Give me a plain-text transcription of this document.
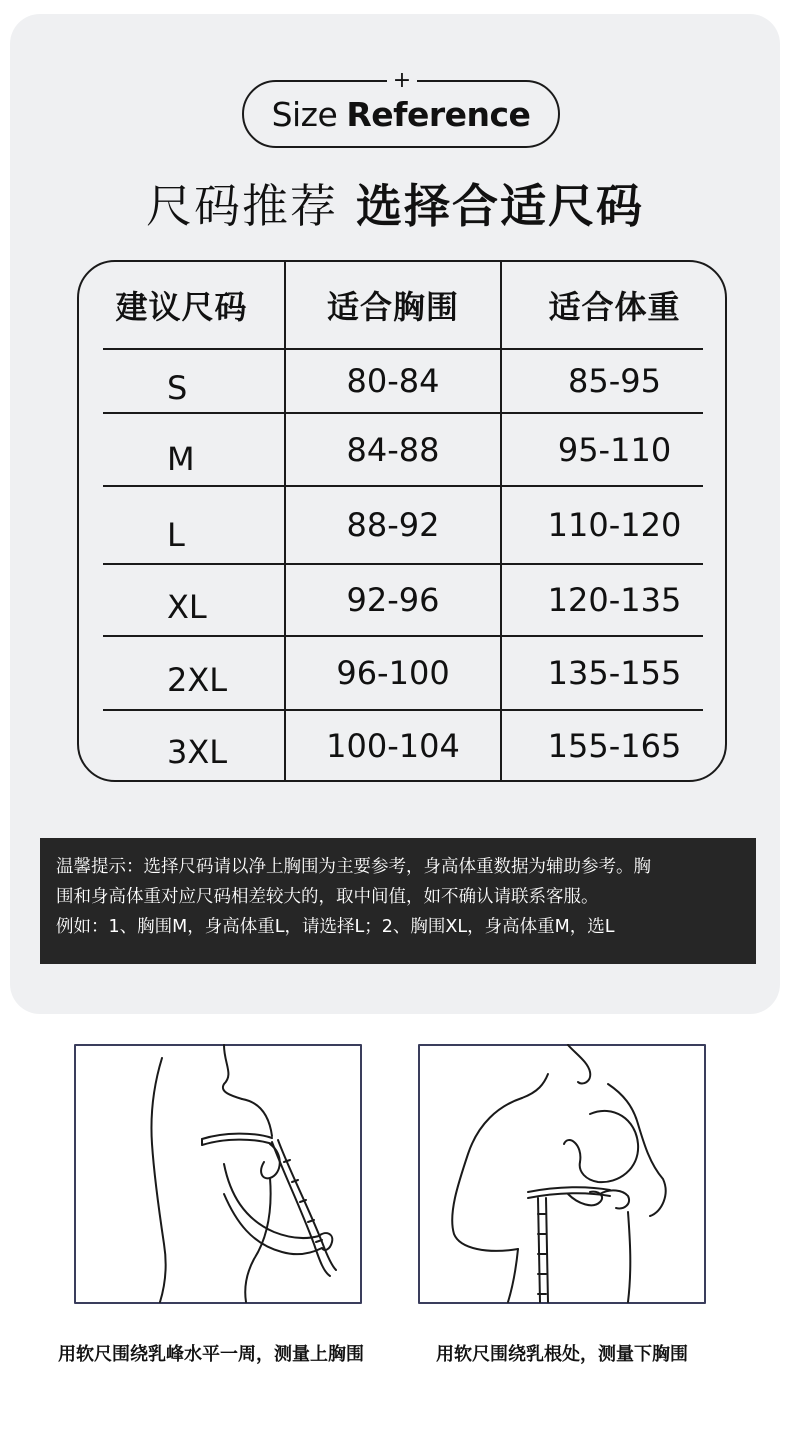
Size Reference
+
尺码推荐 选择合适尺码
建议尺码	适合胸围	适合体重
S	80-84	85-95
M	84-88	95-110
L	88-92	110-120
XL	92-96	120-135
2XL	96-100	135-155
3XL	100-104	155-165
温馨提示：选择尺码请以净上胸围为主要参考，身高体重数据为辅助参考。胸
围和身高体重对应尺码相差较大的，取中间值，如不确认请联系客服。
例如：1、胸围M，身高体重L，请选择L；2、胸围XL，身高体重M，选L
用软尺围绕乳峰水平一周，测量上胸围	用软尺围绕乳根处，测量下胸围
